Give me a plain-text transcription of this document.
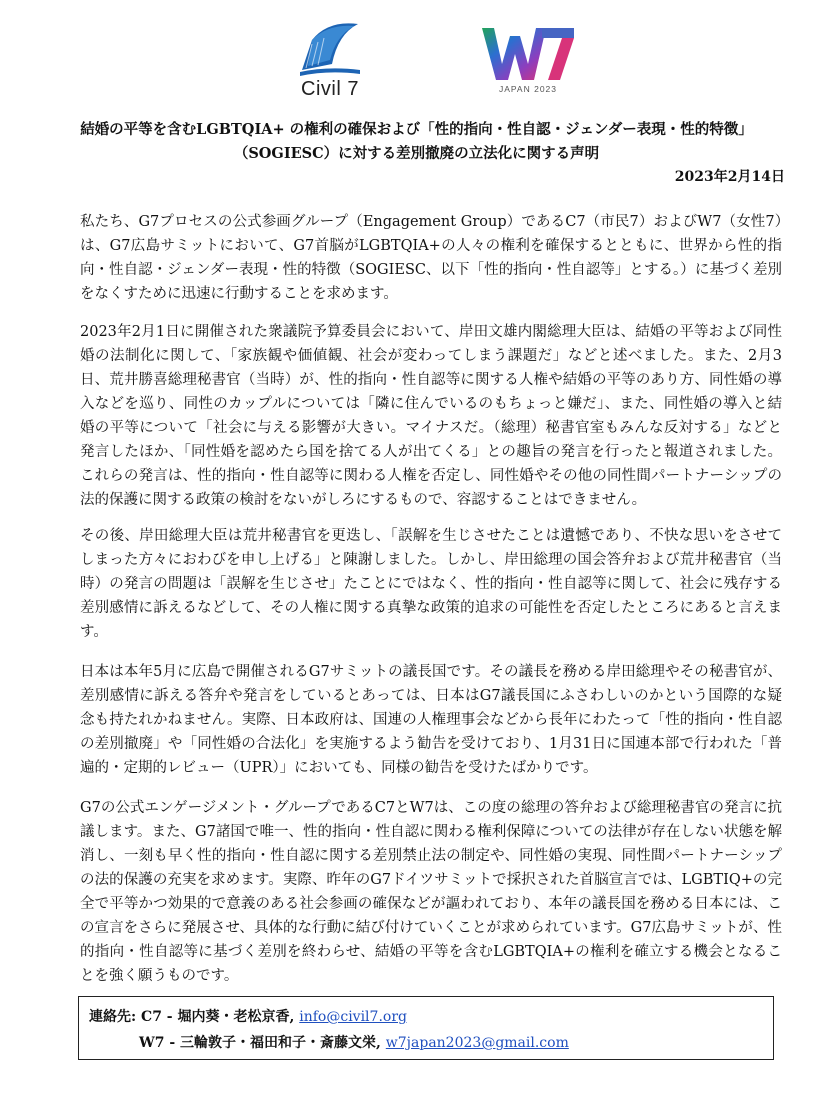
Civil 7	JAPAN 2023
結婚の平等を含むLGBTQIA+ の権利の確保および「性的指向・性自認・ジェンダー表現・性的特徴」
（SOGIESC）に対する差別撤廃の立法化に関する声明
2023年2月14日
私たち、G7プロセスの公式参画グループ（Engagement Group）であるC7（市民7）およびW7（女性7）は、G7広島サミットにおいて、G7首脳がLGBTQIA+の人々の権利を確保するとともに、世界から性的指向・性自認・ジェンダー表現・性的特徴（SOGIESC、以下「性的指向・性自認等」とする。）に基づく差別をなくすために迅速に行動することを求めます。
2023年2月1日に開催された衆議院予算委員会において、岸田文雄内閣総理大臣は、結婚の平等および同性婚の法制化に関して、「家族観や価値観、社会が変わってしまう課題だ」などと述べました。また、2月3日、荒井勝喜総理秘書官（当時）が、性的指向・性自認等に関する人権や結婚の平等のあり方、同性婚の導入などを巡り、同性のカップルについては「隣に住んでいるのもちょっと嫌だ」、また、同性婚の導入と結婚の平等について「社会に与える影響が大きい。マイナスだ。（総理）秘書官室もみんな反対する」などと発言したほか、「同性婚を認めたら国を捨てる人が出てくる」との趣旨の発言を行ったと報道されました。これらの発言は、性的指向・性自認等に関わる人権を否定し、同性婚やその他の同性間パートナーシップの法的保護に関する政策の検討をないがしろにするもので、容認することはできません。
その後、岸田総理大臣は荒井秘書官を更迭し、「誤解を生じさせたことは遺憾であり、不快な思いをさせてしまった方々におわびを申し上げる」と陳謝しました。しかし、岸田総理の国会答弁および荒井秘書官（当時）の発言の問題は「誤解を生じさせ」たことにではなく、性的指向・性自認等に関して、社会に残存する差別感情に訴えるなどして、その人権に関する真摯な政策的追求の可能性を否定したところにあると言えます。
日本は本年5月に広島で開催されるG7サミットの議長国です。その議長を務める岸田総理やその秘書官が、差別感情に訴える答弁や発言をしているとあっては、日本はG7議長国にふさわしいのかという国際的な疑念も持たれかねません。実際、日本政府は、国連の人権理事会などから長年にわたって「性的指向・性自認の差別撤廃」や「同性婚の合法化」を実施するよう勧告を受けており、1月31日に国連本部で行われた「普遍的・定期的レビュー（UPR）」においても、同様の勧告を受けたばかりです。
G7の公式エンゲージメント・グループであるC7とW7は、この度の総理の答弁および総理秘書官の発言に抗議します。また、G7諸国で唯一、性的指向・性自認に関わる権利保障についての法律が存在しない状態を解消し、一刻も早く性的指向・性自認に関する差別禁止法の制定や、同性婚の実現、同性間パートナーシップの法的保護の充実を求めます。実際、昨年のG7ドイツサミットで採択された首脳宣言では、LGBTIQ+の完全で平等かつ効果的で意義のある社会参画の確保などが謳われており、本年の議長国を務める日本には、この宣言をさらに発展させ、具体的な行動に結び付けていくことが求められています。G7広島サミットが、性的指向・性自認等に基づく差別を終わらせ、結婚の平等を含むLGBTQIA+の権利を確立する機会となることを強く願うものです。
連絡先: C7 - 堀内葵・老松京香, info@civil7.org
W7 - 三輪敦子・福田和子・斎藤文栄, w7japan2023@gmail.com
